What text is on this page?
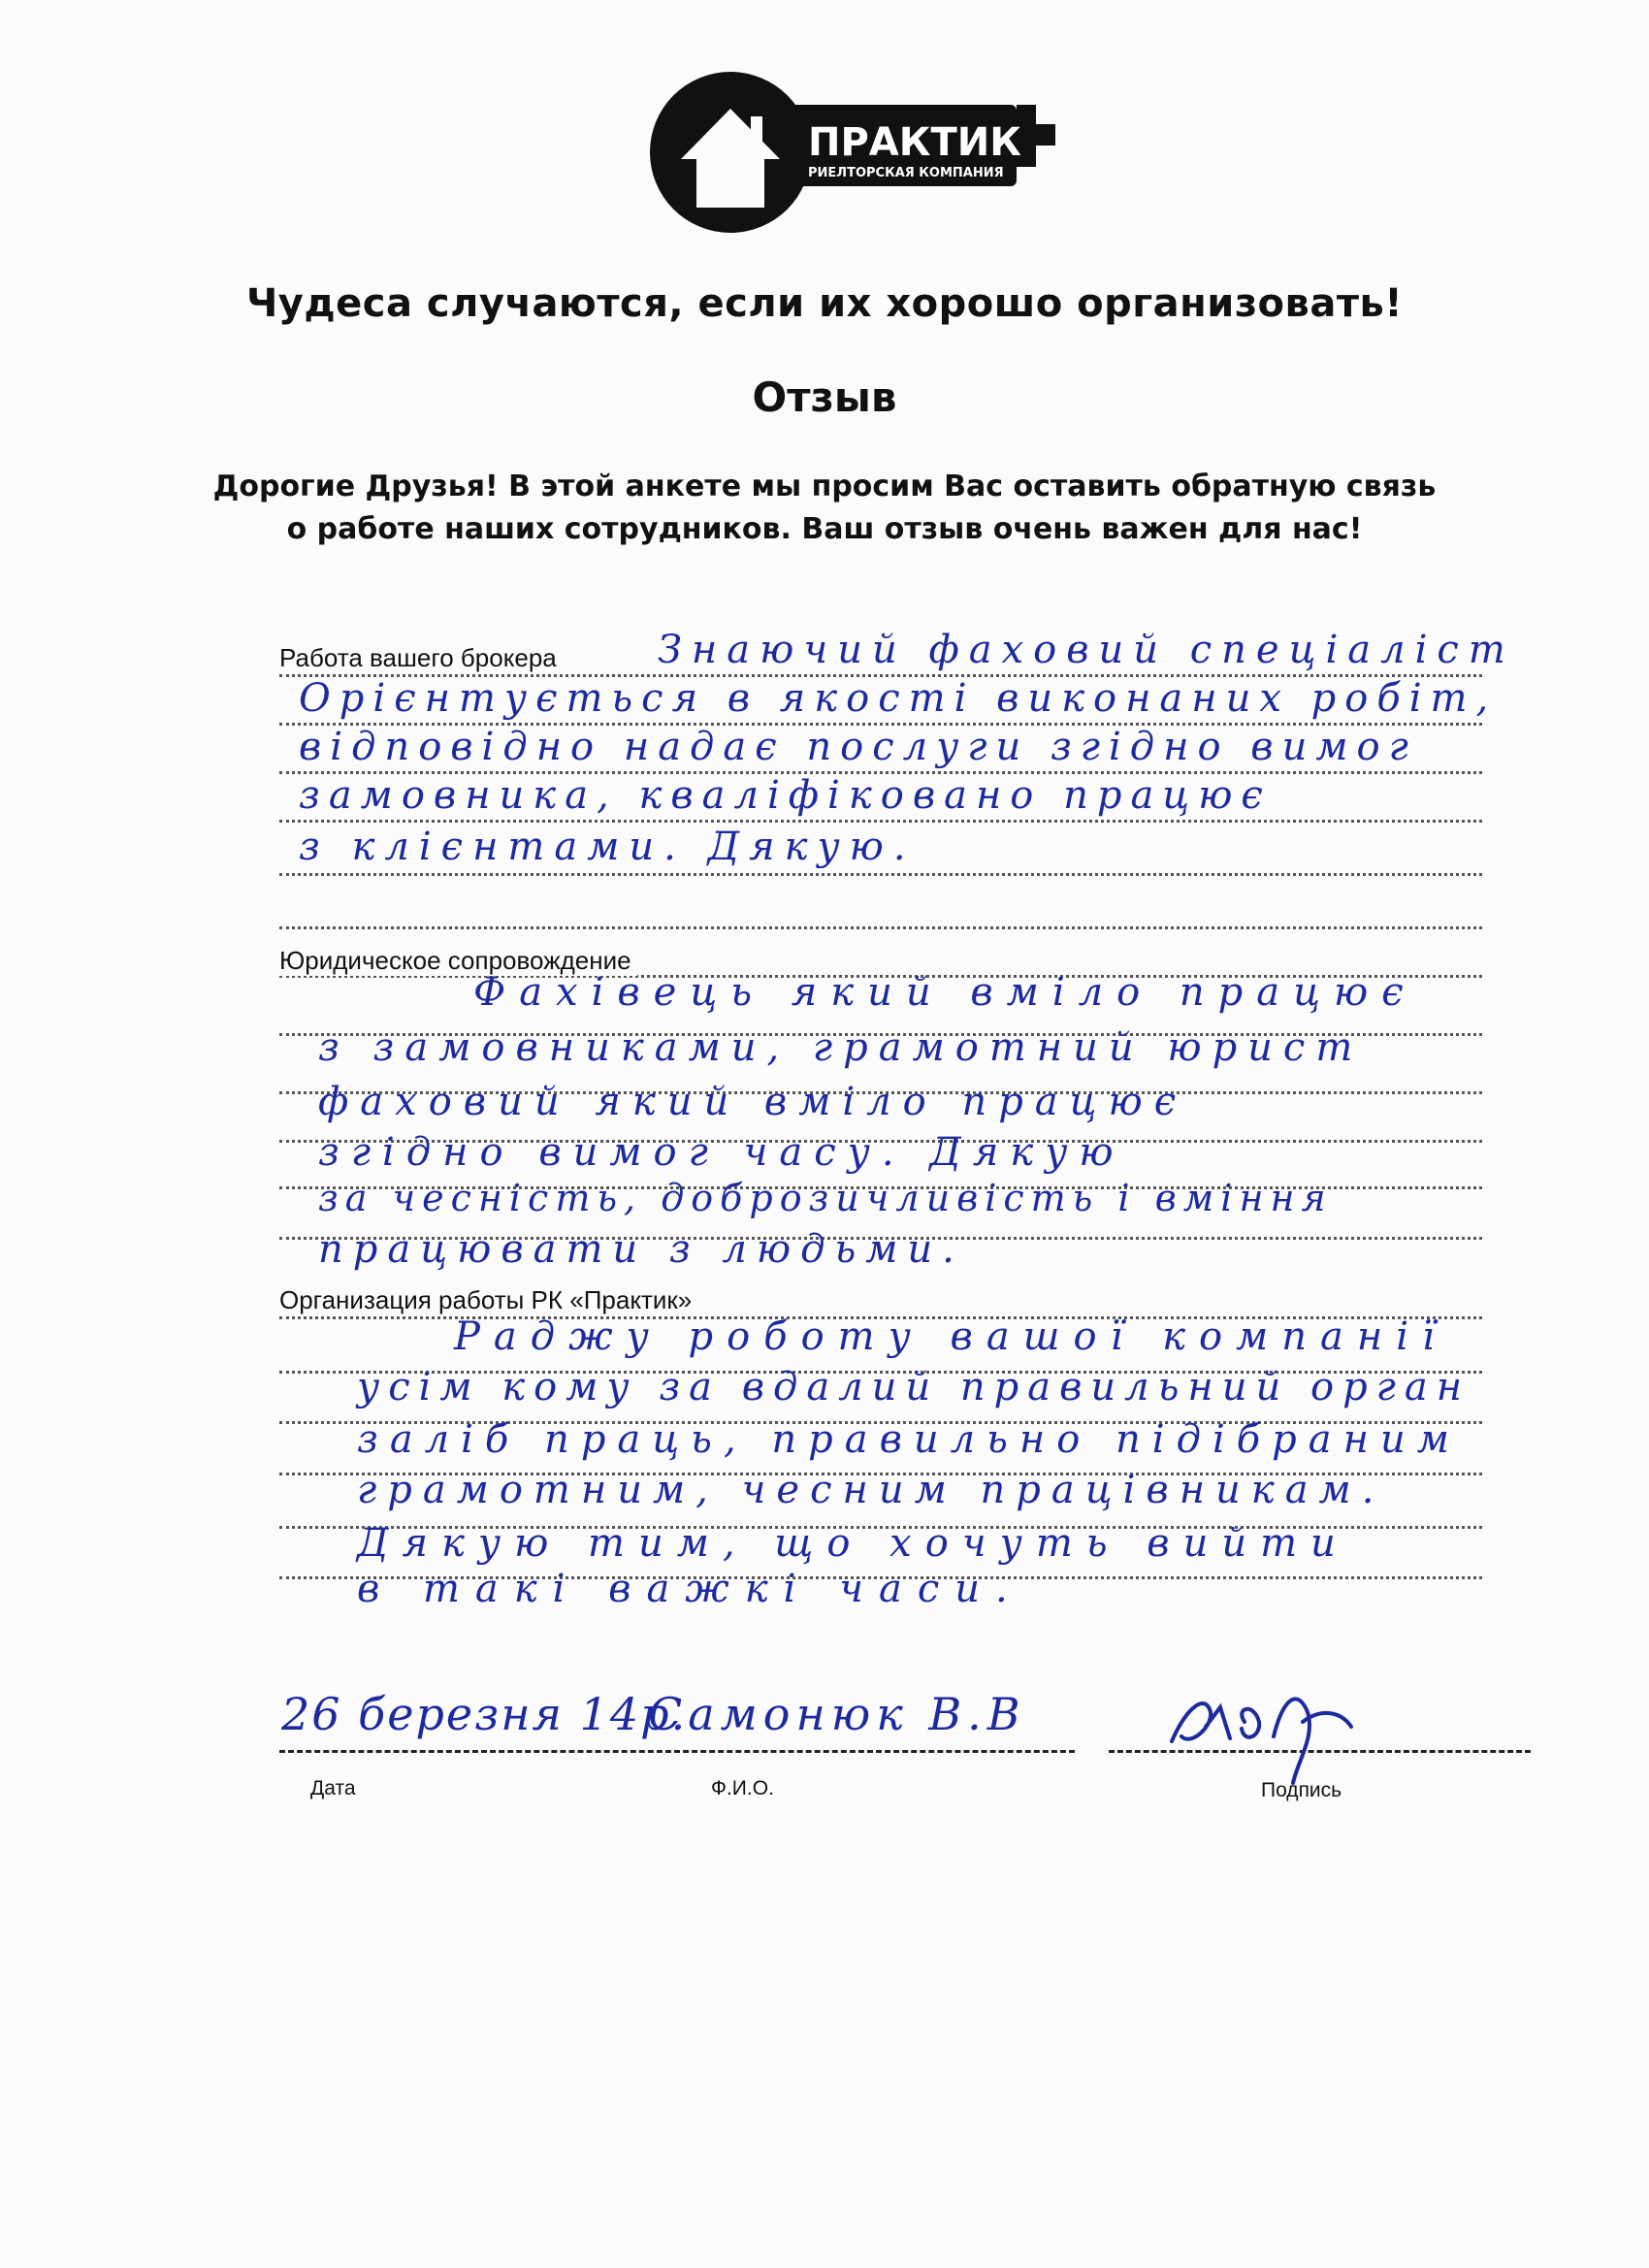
ПРАКТИК
РИЕЛТОРСКАЯ КОМПАНИЯ
Чудеса случаются, если их хорошо организовать!
Отзыв
Дорогие Друзья! В этой анкете мы просим Вас оставить обратную связь
о работе наших сотрудников. Ваш отзыв очень важен для нас!
Работа вашего брокера	Знаючий фаховий спеціаліст
Орієнтується в якості виконаних робіт,
відповідно надає послуги згідно вимог
замовника, кваліфіковано працює
з клієнтами. Дякую.
Юридическое сопровождение
Фахівець який вміло працює
з замовниками, грамотний юрист
фаховий який вміло працює
згідно вимог часу. Дякую
за чесність, доброзичливість і вміння
працювати з людьми.
Организация работы РК «Практик»
Раджу роботу вашої компанії
усім кому за вдалий правильний орган
заліб праць, правильно підібраним
грамотним, чесним працівникам.
Дякую тим, що хочуть вийти
в такі важкі часи.
26 березня 14р.
Самонюк В.В
Дата	Ф.И.О.	Подпись
